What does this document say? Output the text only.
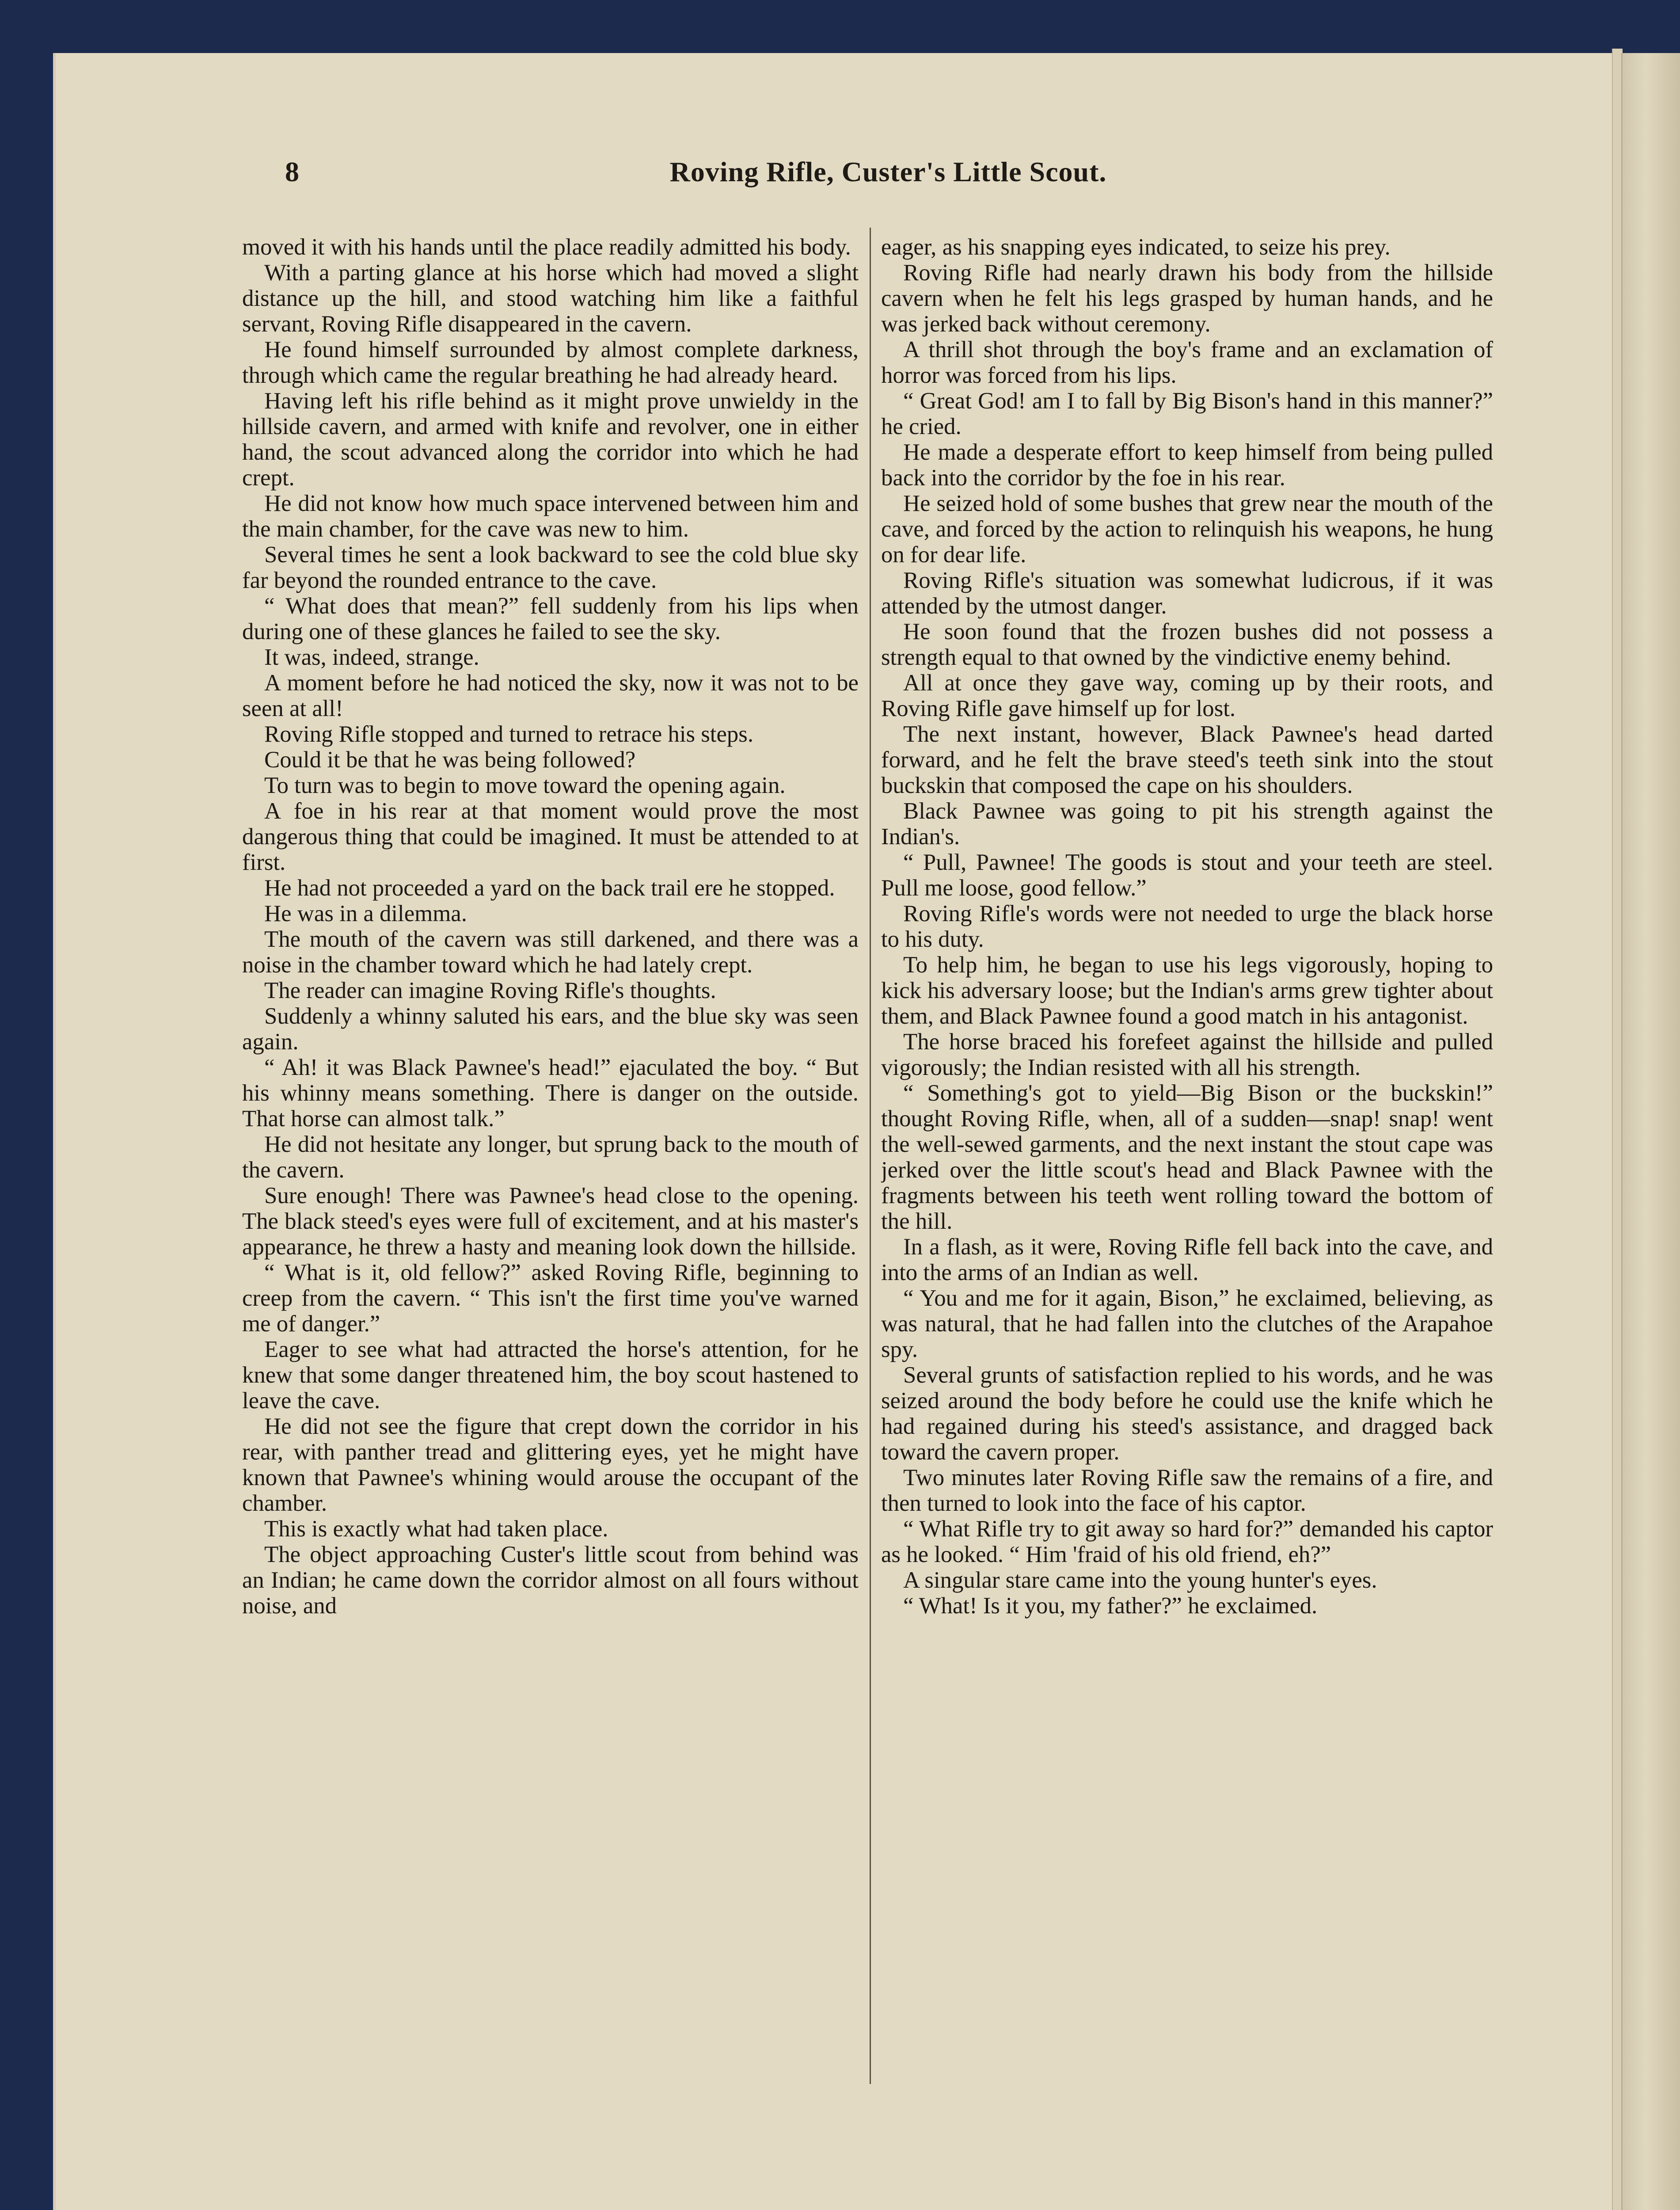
8	Roving Rifle, Custer's Little Scout.

moved it with his hands until the place readily admitted his body.

With a parting glance at his horse which had moved a slight distance up the hill, and stood watching him like a faithful servant, Roving Rifle disappeared in the cavern.

He found himself surrounded by almost complete darkness, through which came the regular breathing he had already heard.

Having left his rifle behind as it might prove unwieldy in the hillside cavern, and armed with knife and revolver, one in either hand, the scout advanced along the corridor into which he had crept.

He did not know how much space intervened between him and the main chamber, for the cave was new to him.

Several times he sent a look backward to see the cold blue sky far beyond the rounded entrance to the cave.

“ What does that mean?” fell suddenly from his lips when during one of these glances he failed to see the sky.

It was, indeed, strange.

A moment before he had noticed the sky, now it was not to be seen at all!

Roving Rifle stopped and turned to retrace his steps.

Could it be that he was being followed?

To turn was to begin to move toward the opening again.

A foe in his rear at that moment would prove the most dangerous thing that could be imagined. It must be attended to at first.

He had not proceeded a yard on the back trail ere he stopped.

He was in a dilemma.

The mouth of the cavern was still darkened, and there was a noise in the chamber toward which he had lately crept.

The reader can imagine Roving Rifle's thoughts.

Suddenly a whinny saluted his ears, and the blue sky was seen again.

“ Ah! it was Black Pawnee's head!” ejaculated the boy. “ But his whinny means something. There is danger on the outside. That horse can almost talk.”

He did not hesitate any longer, but sprung back to the mouth of the cavern.

Sure enough! There was Pawnee's head close to the opening. The black steed's eyes were full of excitement, and at his master's appearance, he threw a hasty and meaning look down the hillside.

“ What is it, old fellow?” asked Roving Rifle, beginning to creep from the cavern. “ This isn't the first time you've warned me of danger.”

Eager to see what had attracted the horse's attention, for he knew that some danger threatened him, the boy scout hastened to leave the cave.

He did not see the figure that crept down the corridor in his rear, with panther tread and glittering eyes, yet he might have known that Pawnee's whining would arouse the occupant of the chamber.

This is exactly what had taken place.

The object approaching Custer's little scout from behind was an Indian; he came down the corridor almost on all fours without noise, and

eager, as his snapping eyes indicated, to seize his prey.

Roving Rifle had nearly drawn his body from the hillside cavern when he felt his legs grasped by human hands, and he was jerked back without ceremony.

A thrill shot through the boy's frame and an exclamation of horror was forced from his lips.

“ Great God! am I to fall by Big Bison's hand in this manner?” he cried.

He made a desperate effort to keep himself from being pulled back into the corridor by the foe in his rear.

He seized hold of some bushes that grew near the mouth of the cave, and forced by the action to relinquish his weapons, he hung on for dear life.

Roving Rifle's situation was somewhat ludicrous, if it was attended by the utmost danger.

He soon found that the frozen bushes did not possess a strength equal to that owned by the vindictive enemy behind.

All at once they gave way, coming up by their roots, and Roving Rifle gave himself up for lost.

The next instant, however, Black Pawnee's head darted forward, and he felt the brave steed's teeth sink into the stout buckskin that composed the cape on his shoulders.

Black Pawnee was going to pit his strength against the Indian's.

“ Pull, Pawnee! The goods is stout and your teeth are steel. Pull me loose, good fellow.”

Roving Rifle's words were not needed to urge the black horse to his duty.

To help him, he began to use his legs vigorously, hoping to kick his adversary loose; but the Indian's arms grew tighter about them, and Black Pawnee found a good match in his antagonist.

The horse braced his forefeet against the hillside and pulled vigorously; the Indian resisted with all his strength.

“ Something's got to yield—Big Bison or the buckskin!” thought Roving Rifle, when, all of a sudden—snap! snap! went the well-sewed garments, and the next instant the stout cape was jerked over the little scout's head and Black Pawnee with the fragments between his teeth went rolling toward the bottom of the hill.

In a flash, as it were, Roving Rifle fell back into the cave, and into the arms of an Indian as well.

“ You and me for it again, Bison,” he exclaimed, believing, as was natural, that he had fallen into the clutches of the Arapahoe spy.

Several grunts of satisfaction replied to his words, and he was seized around the body before he could use the knife which he had regained during his steed's assistance, and dragged back toward the cavern proper.

Two minutes later Roving Rifle saw the remains of a fire, and then turned to look into the face of his captor.

“ What Rifle try to git away so hard for?” demanded his captor as he looked. “ Him 'fraid of his old friend, eh?”

A singular stare came into the young hunter's eyes.

“ What! Is it you, my father?” he exclaimed.
